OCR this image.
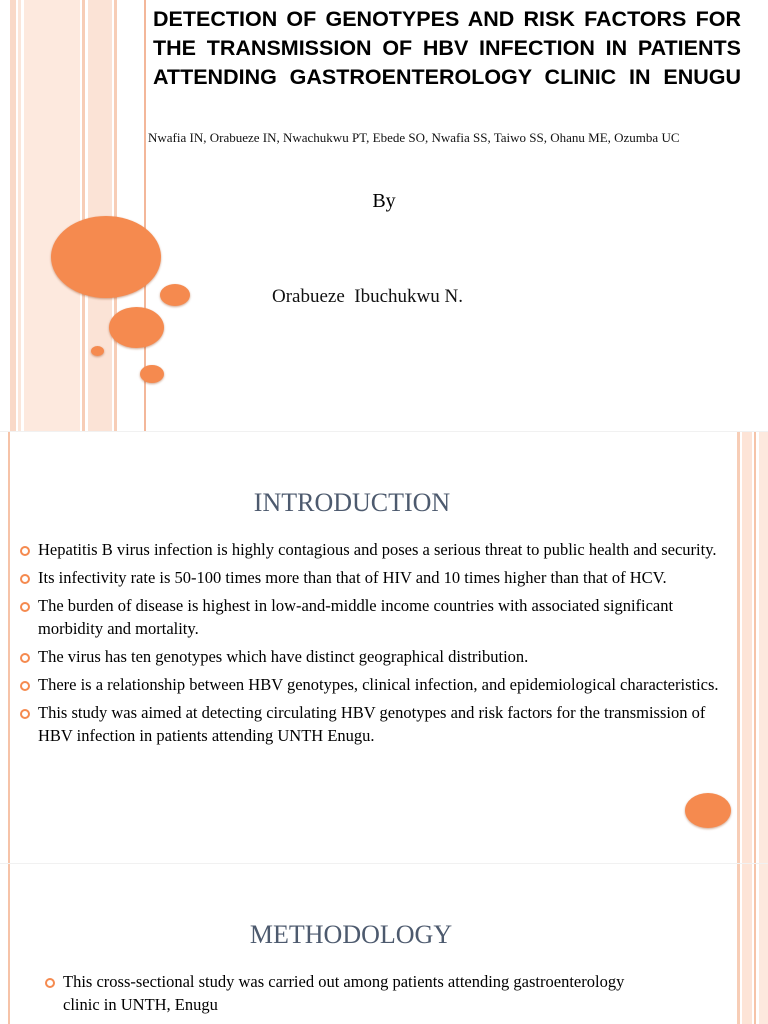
DETECTION OF GENOTYPES AND RISK FACTORS FOR THE TRANSMISSION OF HBV INFECTION IN PATIENTS ATTENDING GASTROENTEROLOGY CLINIC IN ENUGU

Nwafia IN, Orabueze IN, Nwachukwu PT, Ebede SO, Nwafia SS, Taiwo SS, Ohanu ME, Ozumba UC

By

Orabueze  Ibuchukwu N.

INTRODUCTION
Hepatitis B virus infection is highly contagious and poses a serious threat to public health and security.
Its infectivity rate is 50-100 times more than that of HIV and 10 times higher than that of HCV.
The burden of disease is highest in low-and-middle income countries with associated significant morbidity and mortality.
The virus has ten genotypes which have distinct geographical distribution.
There is a relationship between HBV genotypes, clinical infection, and epidemiological characteristics.
This study was aimed at detecting circulating HBV genotypes and risk factors for the transmission of HBV infection in patients attending UNTH Enugu.
METHODOLOGY
This cross-sectional study was carried out among patients attending gastroenterology clinic in UNTH, Enugu
